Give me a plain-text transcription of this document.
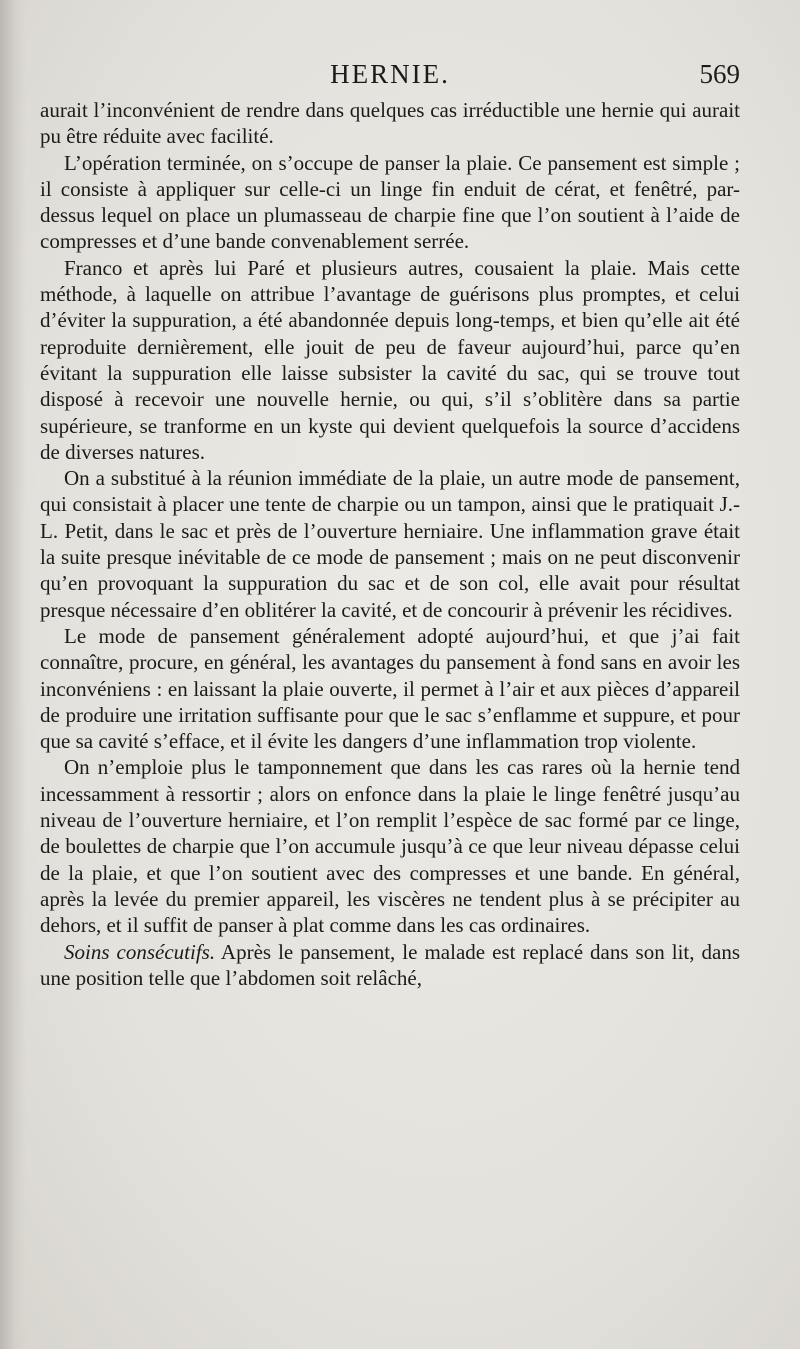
HERNIE.	569

aurait l’inconvénient de rendre dans quelques cas irréductible une hernie qui aurait pu être réduite avec facilité.

L’opération terminée, on s’occupe de panser la plaie. Ce pansement est simple ; il consiste à appliquer sur celle-ci un linge fin enduit de cérat, et fenêtré, par-dessus lequel on place un plumasseau de charpie fine que l’on soutient à l’aide de compresses et d’une bande convenablement serrée.

Franco et après lui Paré et plusieurs autres, cousaient la plaie. Mais cette méthode, à laquelle on attribue l’avantage de guérisons plus promptes, et celui d’éviter la suppuration, a été abandonnée depuis long-temps, et bien qu’elle ait été reproduite dernièrement, elle jouit de peu de faveur aujourd’hui, parce qu’en évitant la suppuration elle laisse subsister la cavité du sac, qui se trouve tout disposé à recevoir une nouvelle hernie, ou qui, s’il s’oblitère dans sa partie supérieure, se tranforme en un kyste qui devient quelquefois la source d’accidens de diverses natures.

On a substitué à la réunion immédiate de la plaie, un autre mode de pansement, qui consistait à placer une tente de charpie ou un tampon, ainsi que le pratiquait J.-L. Petit, dans le sac et près de l’ouverture herniaire. Une inflammation grave était la suite presque inévitable de ce mode de pansement ; mais on ne peut disconvenir qu’en provoquant la suppuration du sac et de son col, elle avait pour résultat presque nécessaire d’en oblitérer la cavité, et de concourir à prévenir les récidives.

Le mode de pansement généralement adopté aujourd’hui, et que j’ai fait connaître, procure, en général, les avantages du pansement à fond sans en avoir les inconvéniens : en laissant la plaie ouverte, il permet à l’air et aux pièces d’appareil de produire une irritation suffisante pour que le sac s’enflamme et suppure, et pour que sa cavité s’efface, et il évite les dangers d’une inflammation trop violente.

On n’emploie plus le tamponnement que dans les cas rares où la hernie tend incessamment à ressortir ; alors on enfonce dans la plaie le linge fenêtré jusqu’au niveau de l’ouverture herniaire, et l’on remplit l’espèce de sac formé par ce linge, de boulettes de charpie que l’on accumule jusqu’à ce que leur niveau dépasse celui de la plaie, et que l’on soutient avec des compresses et une bande. En général, après la levée du premier appareil, les viscères ne tendent plus à se précipiter au dehors, et il suffit de panser à plat comme dans les cas ordinaires.

Soins consécutifs. Après le pansement, le malade est replacé dans son lit, dans une position telle que l’abdomen soit relâché,
